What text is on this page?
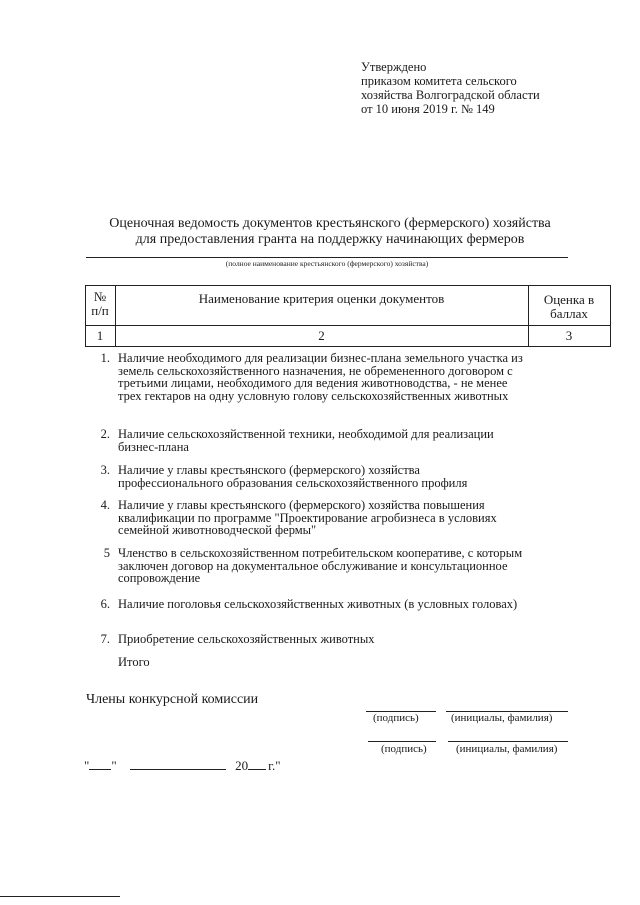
Утверждено
приказом комитета сельского
хозяйства Волгоградской области
от 10 июня 2019 г. № 149
Оценочная ведомость документов крестьянского (фермерского) хозяйства
для предоставления гранта на поддержку начинающих фермеров
(полное наименование крестьянского (фермерского) хозяйства)
№
п/п
Наименование критерия оценки документов	Оценка в
баллах
1	2	3
1. Наличие необходимого для реализации бизнес-плана земельного участка из земель сельскохозяйственного назначения, не обремененного договором с третьими лицами, необходимого для ведения животноводства, - не менее трех гектаров на одну условную голову сельскохозяйственных животных
2. Наличие сельскохозяйственной техники, необходимой для реализации бизнес-плана
3. Наличие у главы крестьянского (фермерского) хозяйства профессионального образования сельскохозяйственного профиля
4. Наличие у главы крестьянского (фермерского) хозяйства повышения квалификации по программе "Проектирование агробизнеса в условиях семейной животноводческой фермы"
5 Членство в сельскохозяйственном потребительском кооперативе, с которым заключен договор на документальное обслуживание и консультационное сопровождение
6. Наличие поголовья сельскохозяйственных животных (в условных головах)
7. Приобретение сельскохозяйственных животных
Итого
Члены конкурсной комиссии
(подпись)	(инициалы, фамилия)
(подпись)	(инициалы, фамилия)
" "	20 г."
